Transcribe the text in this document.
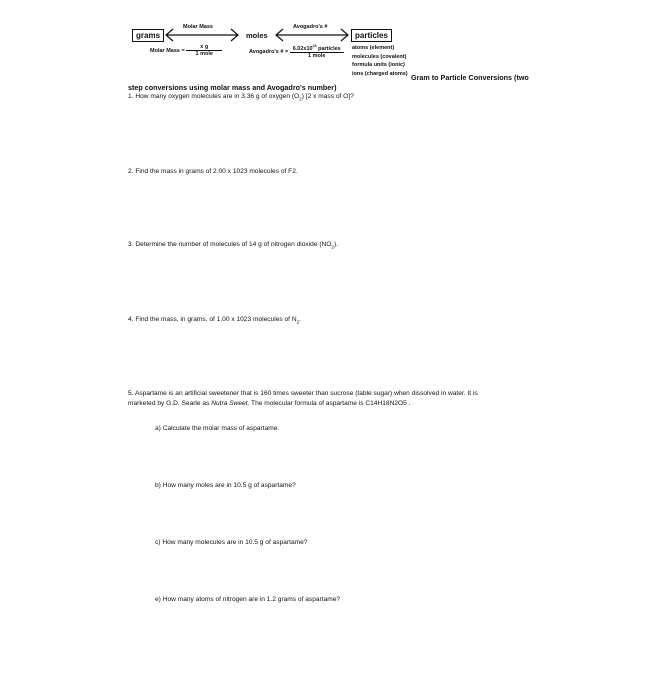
grams
Molar Mass
moles
Avogadro's #
particles
Molar Mass = $\frac{\text{x g}}{\text{1 mole}}$	Avogadro's # = $\frac{6.02x10^{23} particles}{\text{1 mole}}$ atoms (element)
molecules (covalent)
formula units (ionic)
ions (charged atoms) Gram to Particle Conversions (two
step conversions using molar mass and Avogadro's number)
1. How many oxygen molecules are in 3.36 g of oxygen $(O_2)$ [2 x mass of O]?
2. Find the mass in grams of 2.00 x 1023 molecules of F2.
3. Determine the number of molecules of 14 g of nitrogen dioxide $(NO_2)$.
4. Find the mass, in grams, of 1.00 x 1023 molecules of $N_2$.
5. Aspartame is an artificial sweetener that is 160 times sweeter than sucrose (table sugar) when dissolved in water. It is
marketed by G.D. Searle as Nutra Sweet. The molecular formula of aspartame is C14H18N2O5 .
a) Calculate the molar mass of aspartame.
b) How many moles are in 10.5 g of aspartame?
c) How many molecules are in 10.5 g of aspartame?
e) How many atoms of nitrogen are in 1.2 grams of aspartame?
